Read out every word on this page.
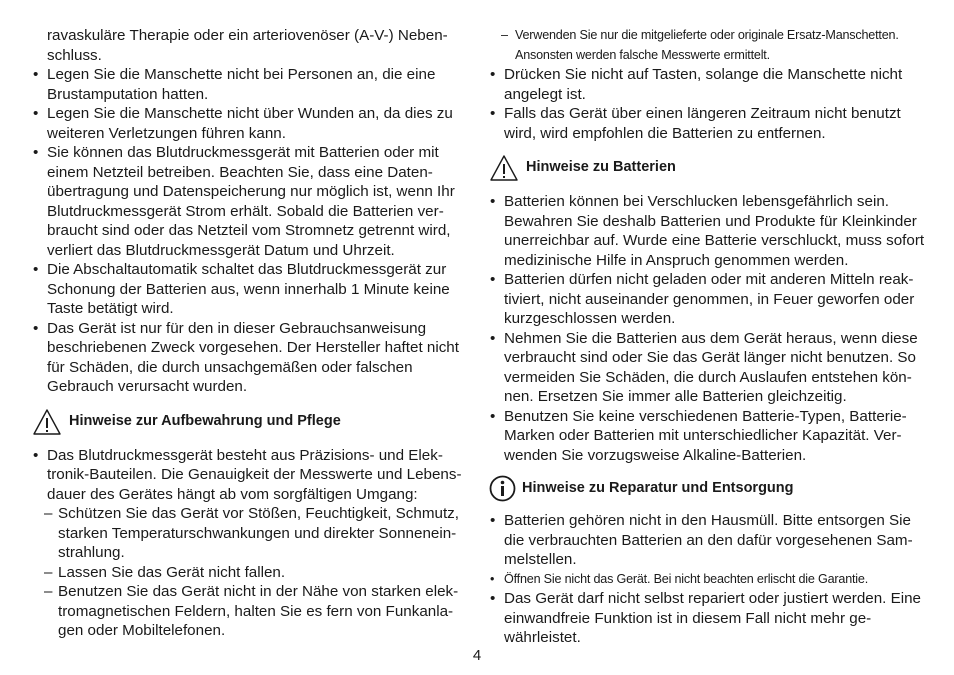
ravaskuläre Therapie oder ein arteriovenöser (A-V-) Nebenschluss.

• Legen Sie die Manschette nicht bei Personen an, die eine Brustamputation hatten.

• Legen Sie die Manschette nicht über Wunden an, da dies zu weiteren Verletzungen führen kann.

• Sie können das Blutdruckmessgerät mit Batterien oder mit einem Netzteil betreiben. Beachten Sie, dass eine Datenübertragung und Datenspeicherung nur möglich ist, wenn Ihr Blutdruckmessgerät Strom erhält. Sobald die Batterien verbraucht sind oder das Netzteil vom Stromnetz getrennt wird, verliert das Blutdruckmessgerät Datum und Uhrzeit.

• Die Abschaltautomatik schaltet das Blutdruckmessgerät zur Schonung der Batterien aus, wenn innerhalb 1 Minute keine Taste betätigt wird.

• Das Gerät ist nur für den in dieser Gebrauchsanweisung beschriebenen Zweck vorgesehen. Der Hersteller haftet nicht für Schäden, die durch unsachgemäßen oder falschen Gebrauch verursacht wurden.

Hinweise zur Aufbewahrung und Pflege

• Das Blutdruckmessgerät besteht aus Präzisions- und Elektronik-Bauteilen. Die Genauigkeit der Messwerte und Lebensdauer des Gerätes hängt ab vom sorgfältigen Umgang:

– Schützen Sie das Gerät vor Stößen, Feuchtigkeit, Schmutz, starken Temperaturschwankungen und direkter Sonneneinstrahlung.

– Lassen Sie das Gerät nicht fallen.

– Benutzen Sie das Gerät nicht in der Nähe von starken elektromagnetischen Feldern, halten Sie es fern von Funkanlagen oder Mobiltelefonen.

– Verwenden Sie nur die mitgelieferte oder originale Ersatz-Manschetten. Ansonsten werden falsche Messwerte ermittelt.

• Drücken Sie nicht auf Tasten, solange die Manschette nicht angelegt ist.

• Falls das Gerät über einen längeren Zeitraum nicht benutzt wird, wird empfohlen die Batterien zu entfernen.

Hinweise zu Batterien

• Batterien können bei Verschlucken lebensgefährlich sein. Bewahren Sie deshalb Batterien und Produkte für Kleinkinder unerreichbar auf. Wurde eine Batterie verschluckt, muss sofort medizinische Hilfe in Anspruch genommen werden.

• Batterien dürfen nicht geladen oder mit anderen Mitteln reaktiviert, nicht auseinander genommen, in Feuer geworfen oder kurzgeschlossen werden.

• Nehmen Sie die Batterien aus dem Gerät heraus, wenn diese verbraucht sind oder Sie das Gerät länger nicht benutzen. So vermeiden Sie Schäden, die durch Auslaufen entstehen können. Ersetzen Sie immer alle Batterien gleichzeitig.

• Benutzen Sie keine verschiedenen Batterie-Typen, Batterie-Marken oder Batterien mit unterschiedlicher Kapazität. Verwenden Sie vorzugsweise Alkaline-Batterien.

Hinweise zu Reparatur und Entsorgung

• Batterien gehören nicht in den Hausmüll. Bitte entsorgen Sie die verbrauchten Batterien an den dafür vorgesehenen Sammelstellen.

• Öffnen Sie nicht das Gerät. Bei nicht beachten erlischt die Garantie.

• Das Gerät darf nicht selbst repariert oder justiert werden. Eine einwandfreie Funktion ist in diesem Fall nicht mehr gewährleistet.

4
